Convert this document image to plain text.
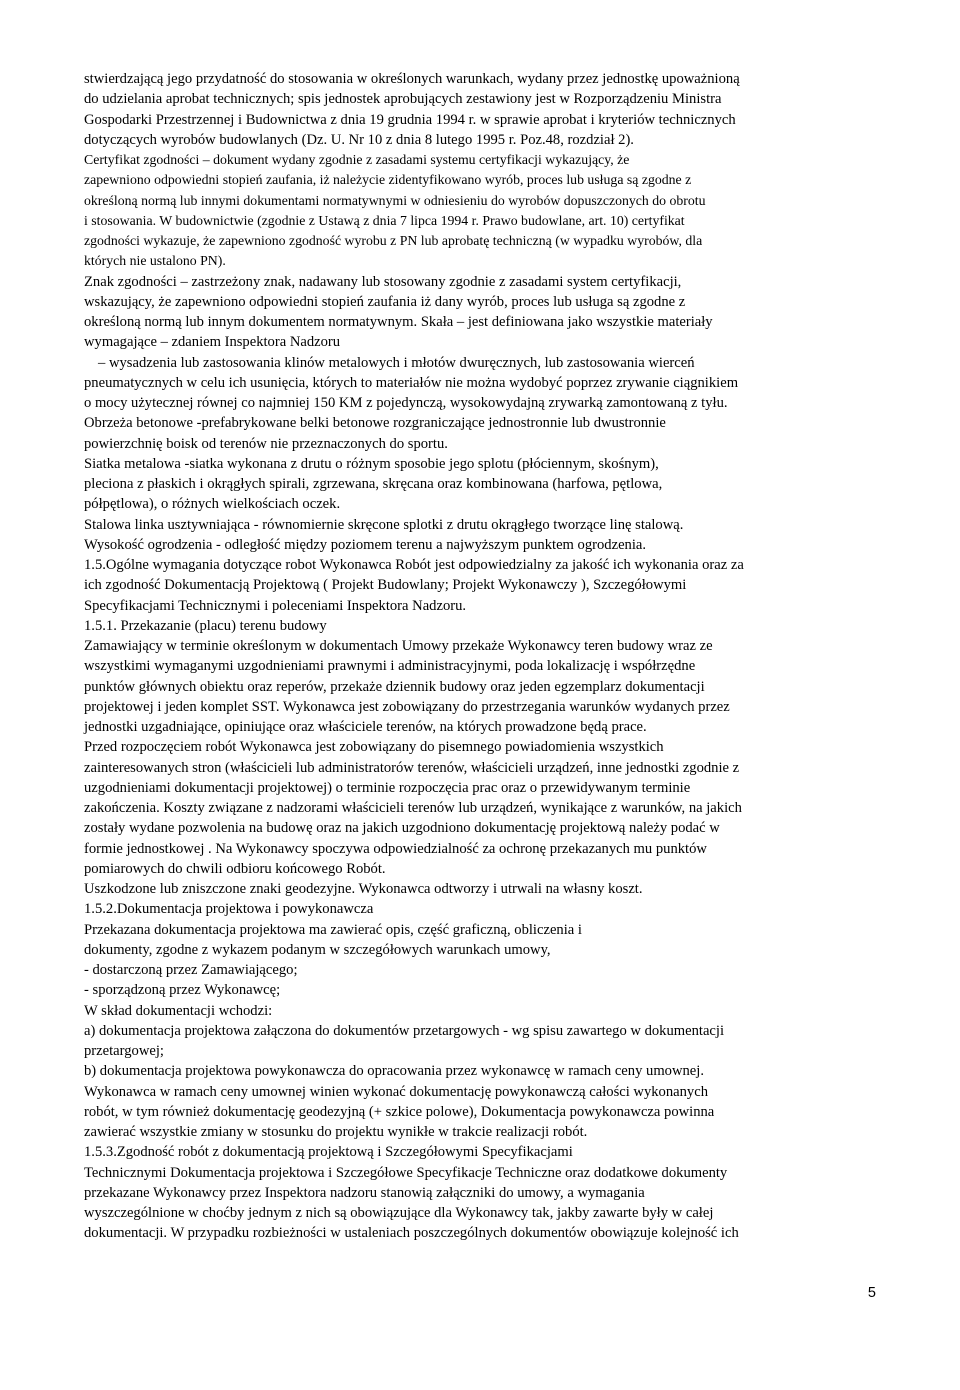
stwierdzającą jego przydatność do stosowania w określonych warunkach, wydany przez jednostkę upoważnioną
do udzielania aprobat technicznych; spis jednostek aprobujących zestawiony jest w Rozporządzeniu Ministra
Gospodarki Przestrzennej i Budownictwa z dnia 19 grudnia 1994 r. w sprawie aprobat i kryteriów technicznych
dotyczących wyrobów budowlanych (Dz. U. Nr 10 z dnia 8 lutego 1995 r. Poz.48, rozdział 2).
Certyfikat zgodności – dokument wydany zgodnie z zasadami systemu certyfikacji wykazujący, że
zapewniono odpowiedni stopień zaufania, iż należycie zidentyfikowano wyrób, proces lub usługa są zgodne z
określoną normą lub innymi dokumentami normatywnymi w odniesieniu do wyrobów dopuszczonych do obrotu
i stosowania. W budownictwie (zgodnie z Ustawą z dnia 7 lipca 1994 r. Prawo budowlane, art. 10) certyfikat
zgodności wykazuje, że zapewniono zgodność wyrobu z PN lub aprobatę techniczną (w wypadku wyrobów, dla
których nie ustalono PN).
Znak zgodności – zastrzeżony znak, nadawany lub stosowany zgodnie z zasadami system certyfikacji,
wskazujący, że zapewniono odpowiedni stopień zaufania iż dany wyrób, proces lub usługa są zgodne z
określoną normą lub innym dokumentem normatywnym. Skała – jest definiowana jako wszystkie materiały
wymagające – zdaniem Inspektora Nadzoru
– wysadzenia lub zastosowania klinów metalowych i młotów dwuręcznych, lub zastosowania wierceń
pneumatycznych w celu ich usunięcia, których to materiałów nie można wydobyć poprzez zrywanie ciągnikiem
o mocy użytecznej równej co najmniej 150 KM z pojedynczą, wysokowydajną zrywarką zamontowaną z tyłu.
Obrzeża betonowe -prefabrykowane belki betonowe rozgraniczające jednostronnie lub dwustronnie
powierzchnię boisk od terenów nie przeznaczonych do sportu.
Siatka metalowa -siatka wykonana z drutu o różnym sposobie jego splotu (płóciennym, skośnym),
pleciona z płaskich i okrągłych spirali, zgrzewana, skręcana oraz kombinowana (harfowa, pętlowa,
półpętlowa), o różnych wielkościach oczek.
Stalowa linka usztywniająca - równomiernie skręcone splotki z drutu okrągłego tworzące linę stalową.
Wysokość ogrodzenia - odległość między poziomem terenu a najwyższym punktem ogrodzenia.
1.5.Ogólne wymagania dotyczące robot Wykonawca Robót jest odpowiedzialny za jakość ich wykonania oraz za
ich zgodność Dokumentacją Projektową ( Projekt Budowlany; Projekt Wykonawczy ), Szczegółowymi
Specyfikacjami Technicznymi i poleceniami Inspektora Nadzoru.
1.5.1. Przekazanie (placu) terenu budowy
Zamawiający w terminie określonym w dokumentach Umowy przekaże Wykonawcy teren budowy wraz ze
wszystkimi wymaganymi uzgodnieniami prawnymi i administracyjnymi, poda lokalizację i współrzędne
punktów głównych obiektu oraz reperów, przekaże dziennik budowy oraz jeden egzemplarz dokumentacji
projektowej i jeden komplet SST. Wykonawca jest zobowiązany do przestrzegania warunków wydanych przez
jednostki uzgadniające, opiniujące oraz właściciele terenów, na których prowadzone będą prace.
Przed rozpoczęciem robót Wykonawca jest zobowiązany do pisemnego powiadomienia wszystkich
zainteresowanych stron (właścicieli lub administratorów terenów, właścicieli urządzeń, inne jednostki zgodnie z
uzgodnieniami dokumentacji projektowej) o terminie rozpoczęcia prac oraz o przewidywanym terminie
zakończenia. Koszty związane z nadzorami właścicieli terenów lub urządzeń, wynikające z warunków, na jakich
zostały wydane pozwolenia na budowę oraz na jakich uzgodniono dokumentację projektową należy podać w
formie jednostkowej . Na Wykonawcy spoczywa odpowiedzialność za ochronę przekazanych mu punktów
pomiarowych do chwili odbioru końcowego Robót.
Uszkodzone lub zniszczone znaki geodezyjne. Wykonawca odtworzy i utrwali na własny koszt.
1.5.2.Dokumentacja projektowa i powykonawcza
Przekazana dokumentacja projektowa ma zawierać opis, część graficzną, obliczenia i
dokumenty, zgodne z wykazem podanym w szczegółowych warunkach umowy,
- dostarczoną przez Zamawiającego;
- sporządzoną przez Wykonawcę;
W skład dokumentacji wchodzi:
a) dokumentacja projektowa załączona do dokumentów przetargowych - wg spisu zawartego w dokumentacji
przetargowej;
b) dokumentacja projektowa powykonawcza do opracowania przez wykonawcę w ramach ceny umownej.
Wykonawca w ramach ceny umownej winien wykonać dokumentację powykonawczą całości wykonanych
robót, w tym również dokumentację geodezyjną (+ szkice polowe), Dokumentacja powykonawcza powinna
zawierać wszystkie zmiany w stosunku do projektu wynikłe w trakcie realizacji robót.
1.5.3.Zgodność robót z dokumentacją projektową i Szczegółowymi Specyfikacjami
Technicznymi Dokumentacja projektowa i Szczegółowe Specyfikacje Techniczne oraz dodatkowe dokumenty
przekazane Wykonawcy przez Inspektora nadzoru stanowią załączniki do umowy, a wymagania
wyszczególnione w choćby jednym z nich są obowiązujące dla Wykonawcy tak, jakby zawarte były w całej
dokumentacji. W przypadku rozbieżności w ustaleniach poszczególnych dokumentów obowiązuje kolejność ich
5
